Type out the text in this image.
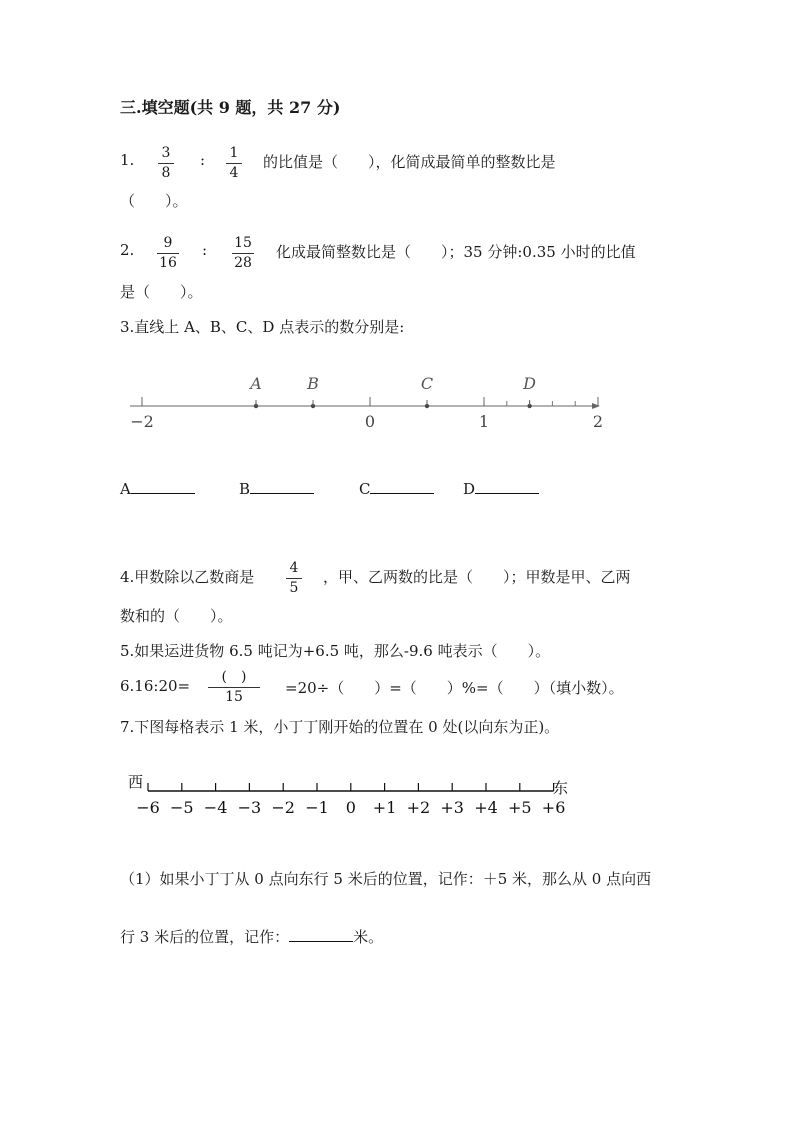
三.填空题(共 9 题，共 27 分)
1. 3
8
: 1
4
的比值是（　　），化简成最简单的整数比是
（　　）。
2.	9
16
: 15
28
化成最简整数比是（　　）；35 分钟:0.35 小时的比值
是（　　）。
3.直线上 A、B、C、D 点表示的数分别是:
−2	0	1	2
A	B	C	D
A	B	C	D
4.甲数除以乙数商是	4
5
，甲、乙两数的比是（　　）；甲数是甲、乙两
数和的（　　）。
5.如果运进货物 6.5 吨记为+6.5 吨，那么-9.6 吨表示（　　）。
6.16:20=	(　)
15	=20÷（　　）=（　　）%=（　　）（填小数）。
7.下图每格表示 1 米，小丁丁刚开始的位置在 0 处(以向东为正)。
西	东
−6 −5 −4 −3 −2 −1 0 +1 +2 +3 +4 +5 +6
（1）如果小丁丁从 0 点向东行 5 米后的位置，记作：＋5 米，那么从 0 点向西
行 3 米后的位置，记作：	米。
